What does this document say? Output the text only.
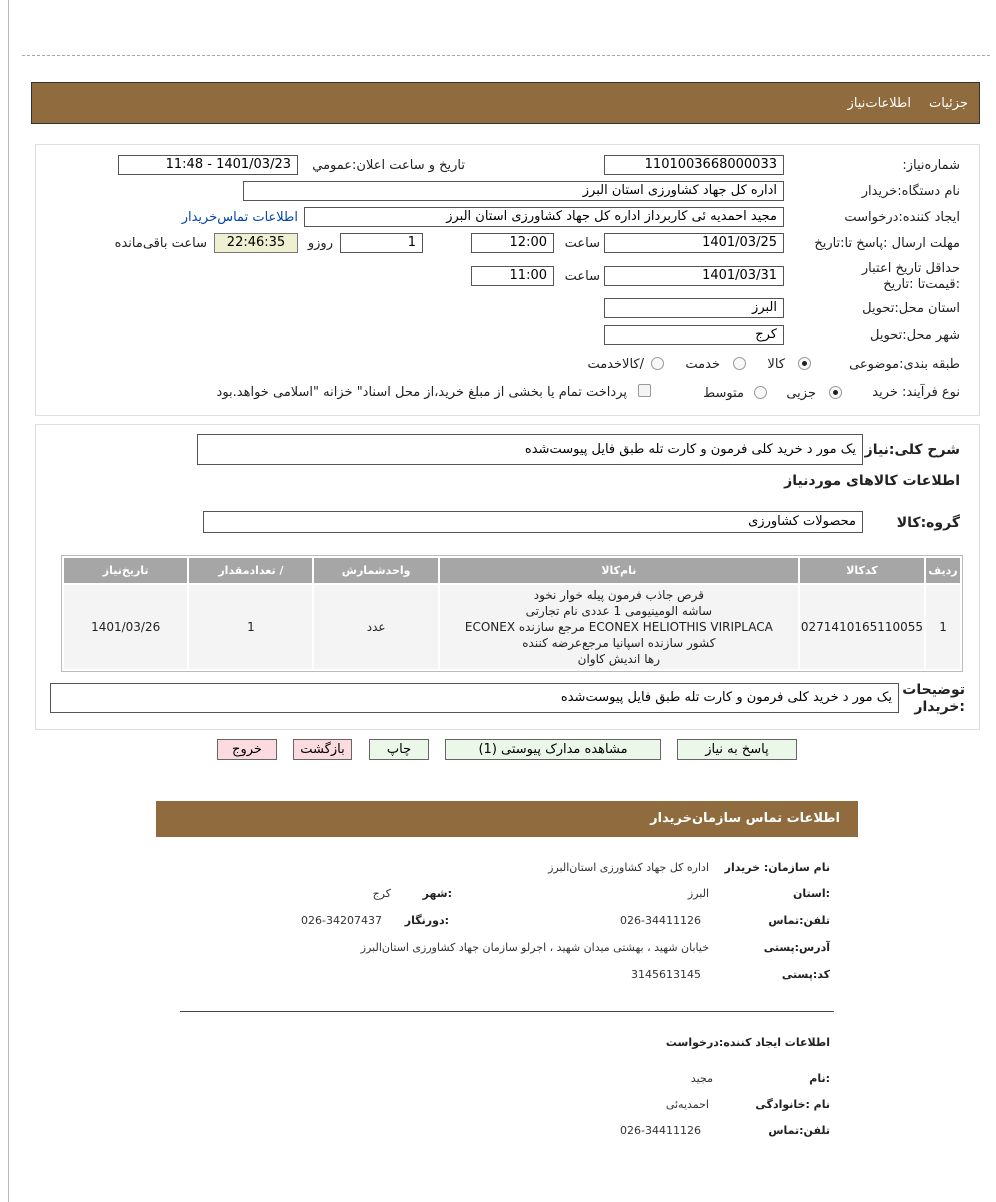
جزئیات
اطلاعات‌نیاز
شماره‌نیاز:
1101003668000033
تاریخ و ساعت اعلان:عمومي
1401/03/23 - 11:48
نام دستگاه:خريدار
اداره کل جهاد کشاورزی استان البرز
ایجاد کننده:درخواست
مجید احمدیه ئی کاربرداز اداره کل جهاد کشاورزی استان البرز
اطلاعات تماس‌خریدار
مهلت ارسال :پاسخ تا:تاریخ
1401/03/25
ساعت
12:00
1
روزو
22:46:35
ساعت باقی‌مانده
حداقل تاریخ اعتبار :قیمت‌تا :تاریخ
1401/03/31
ساعت
11:00
استان محل:تحویل
البرز
شهر محل:تحویل
کرج
طبقه بندی:موضوعی
کالا
خدمت
/کالاخدمت
نوع فرآیند: خرید
جزیی
متوسط
پرداخت تمام یا بخشی از مبلغ خرید،از محل اسناد" خزانه "اسلامی خواهد.بود
شرح کلی:نیاز
یک مور د خرید کلی فرمون و کارت تله طبق فایل پیوست‌شده
اطلاعات کالاهای موردنیاز
گروه:کالا
محصولات کشاورزی
ردیف	کدکالا	نام‌کالا	واحدشمارش	/ تعدادمقدار	تاریخ‌نیاز
1	0271410165110055	قرص جاذب فرمون پیله خوار نخود
ساشه الومینیومی 1 عددی نام تجارتی
ECONEX HELIOTHIS VIRIPLACA مرجع سازنده ECONEX
کشور سازنده اسپانیا مرجع‌عرضه کننده
رها اندیش کاوان	عدد	1	1401/03/26
توضیحات :خریدار
یک مور د خرید کلی فرمون و کارت تله طبق فایل پیوست‌شده
پاسخ به نیاز
مشاهده مدارک پیوستی (1)
چاپ
بازگشت
خروج
اطلاعات تماس سازمان‌خریدار
نام سازمان: خریدار
اداره کل جهاد کشاورزی استان‌البرز
:استان
البرز
:شهر
کرج
تلفن:تماس
026-34411126
:دورنگار
026-34207437
آدرس:پستی
خیابان شهید ، بهشتی میدان شهید ، اجرلو سازمان جهاد کشاورزی استان‌البرز
کد:پستی
3145613145
اطلاعات ایجاد کننده:درخواست
:نام
مجید
نام :خانوادگی
احمدیه‌ئی
تلفن:تماس
026-34411126
